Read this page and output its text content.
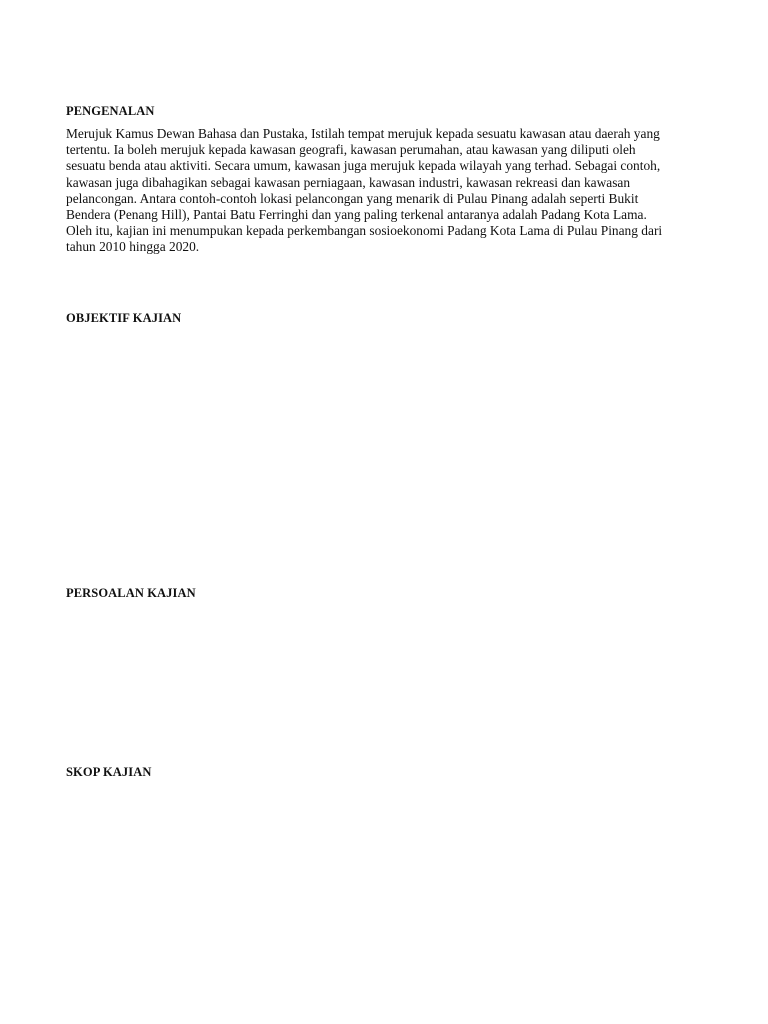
PENGENALAN
Merujuk Kamus Dewan Bahasa dan Pustaka, Istilah tempat merujuk kepada sesuatu kawasan atau daerah yang
tertentu. Ia boleh merujuk kepada kawasan geografi, kawasan perumahan, atau kawasan yang diliputi oleh
sesuatu benda atau aktiviti. Secara umum, kawasan juga merujuk kepada wilayah yang terhad. Sebagai contoh,
kawasan juga dibahagikan sebagai kawasan perniagaan, kawasan industri, kawasan rekreasi dan kawasan
pelancongan. Antara contoh-contoh lokasi pelancongan yang menarik di Pulau Pinang adalah seperti Bukit
Bendera (Penang Hill), Pantai Batu Ferringhi dan yang paling terkenal antaranya adalah Padang Kota Lama.
Oleh itu, kajian ini menumpukan kepada perkembangan sosioekonomi Padang Kota Lama di Pulau Pinang dari
tahun 2010 hingga 2020.
OBJEKTIF KAJIAN
PERSOALAN KAJIAN
SKOP KAJIAN
